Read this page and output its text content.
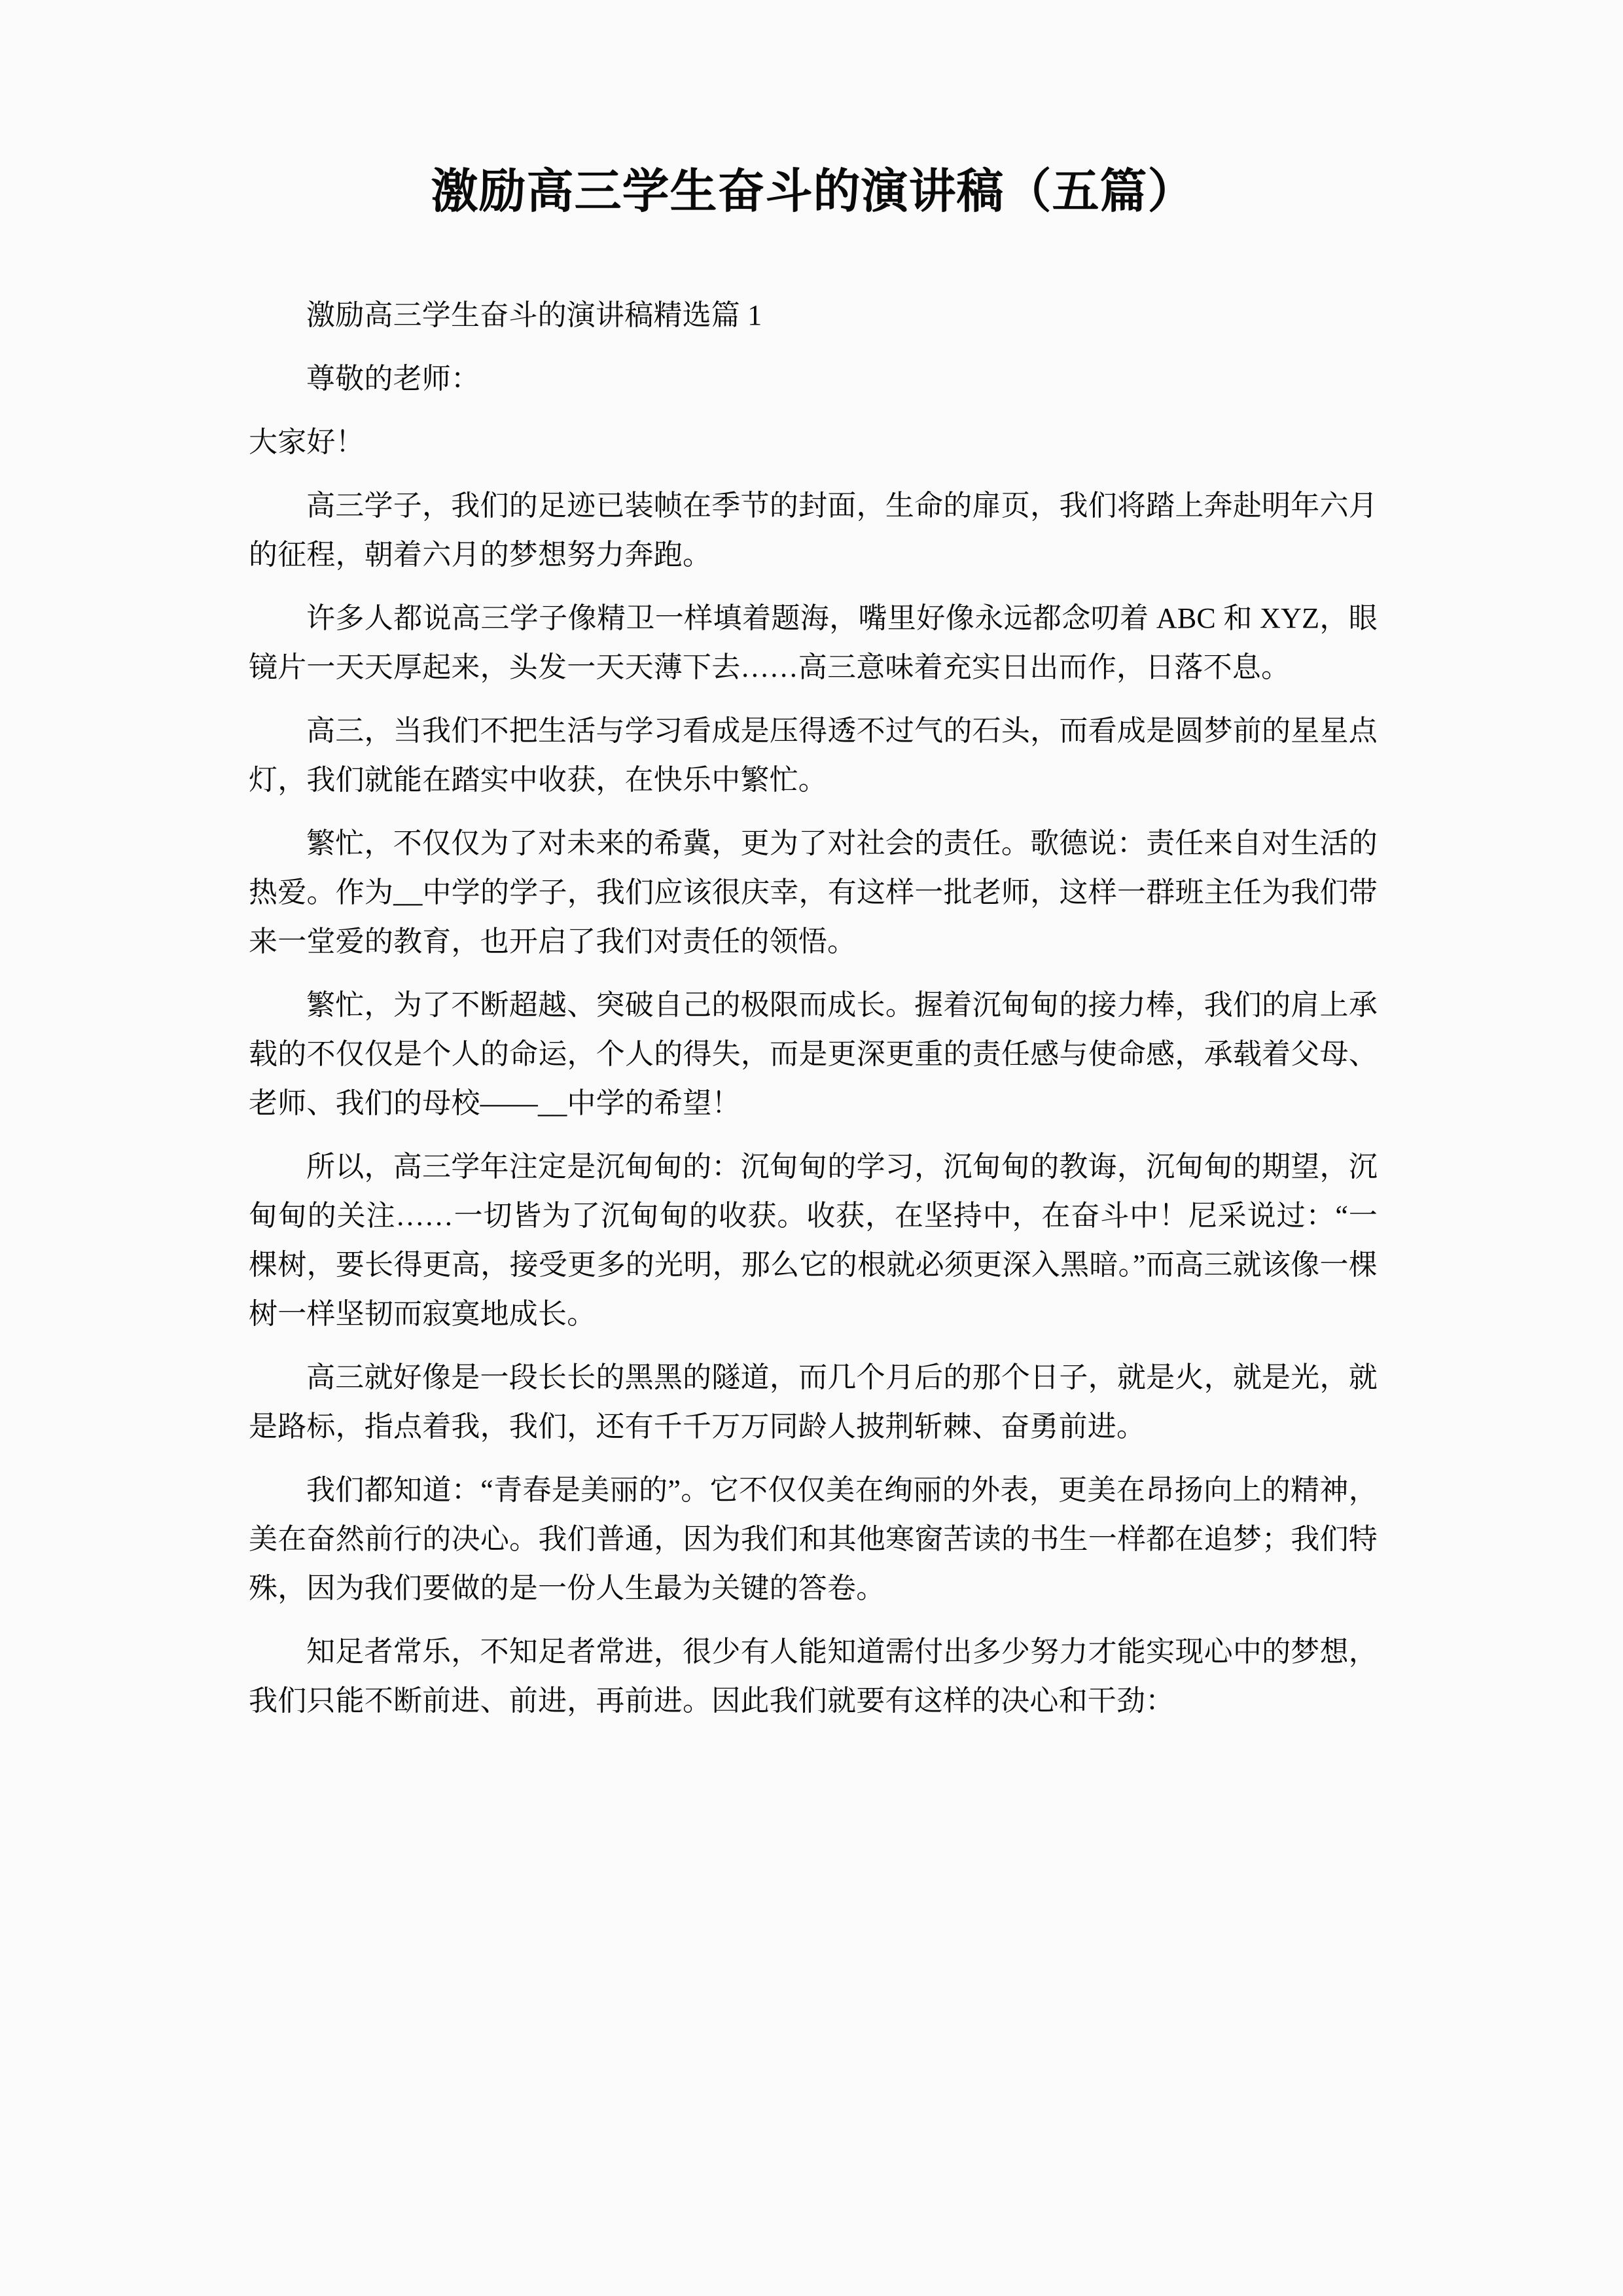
激励高三学生奋斗的演讲稿（五篇）

激励高三学生奋斗的演讲稿精选篇 1

尊敬的老师：

大家好！

高三学子，我们的足迹已装帧在季节的封面，生命的扉页，我们将踏上奔赴明年六月的征程，朝着六月的梦想努力奔跑。

许多人都说高三学子像精卫一样填着题海，嘴里好像永远都念叨着 ABC 和 XYZ，眼镜片一天天厚起来，头发一天天薄下去……高三意味着充实日出而作，日落不息。

高三，当我们不把生活与学习看成是压得透不过气的石头，而看成是圆梦前的星星点灯，我们就能在踏实中收获，在快乐中繁忙。

繁忙，不仅仅为了对未来的希冀，更为了对社会的责任。歌德说：责任来自对生活的热爱。作为__中学的学子，我们应该很庆幸，有这样一批老师，这样一群班主任为我们带来一堂爱的教育，也开启了我们对责任的领悟。

繁忙，为了不断超越、突破自己的极限而成长。握着沉甸甸的接力棒，我们的肩上承载的不仅仅是个人的命运，个人的得失，而是更深更重的责任感与使命感，承载着父母、老师、我们的母校——__中学的希望！

所以，高三学年注定是沉甸甸的：沉甸甸的学习，沉甸甸的教诲，沉甸甸的期望，沉甸甸的关注……一切皆为了沉甸甸的收获。收获，在坚持中，在奋斗中！尼采说过：“一棵树，要长得更高，接受更多的光明，那么它的根就必须更深入黑暗。”而高三就该像一棵树一样坚韧而寂寞地成长。

高三就好像是一段长长的黑黑的隧道，而几个月后的那个日子，就是火，就是光，就是路标，指点着我，我们，还有千千万万同龄人披荆斩棘、奋勇前进。

我们都知道：“青春是美丽的”。它不仅仅美在绚丽的外表，更美在昂扬向上的精神，美在奋然前行的决心。我们普通，因为我们和其他寒窗苦读的书生一样都在追梦；我们特殊，因为我们要做的是一份人生最为关键的答卷。

知足者常乐，不知足者常进，很少有人能知道需付出多少努力才能实现心中的梦想，我们只能不断前进、前进，再前进。因此我们就要有这样的决心和干劲：
